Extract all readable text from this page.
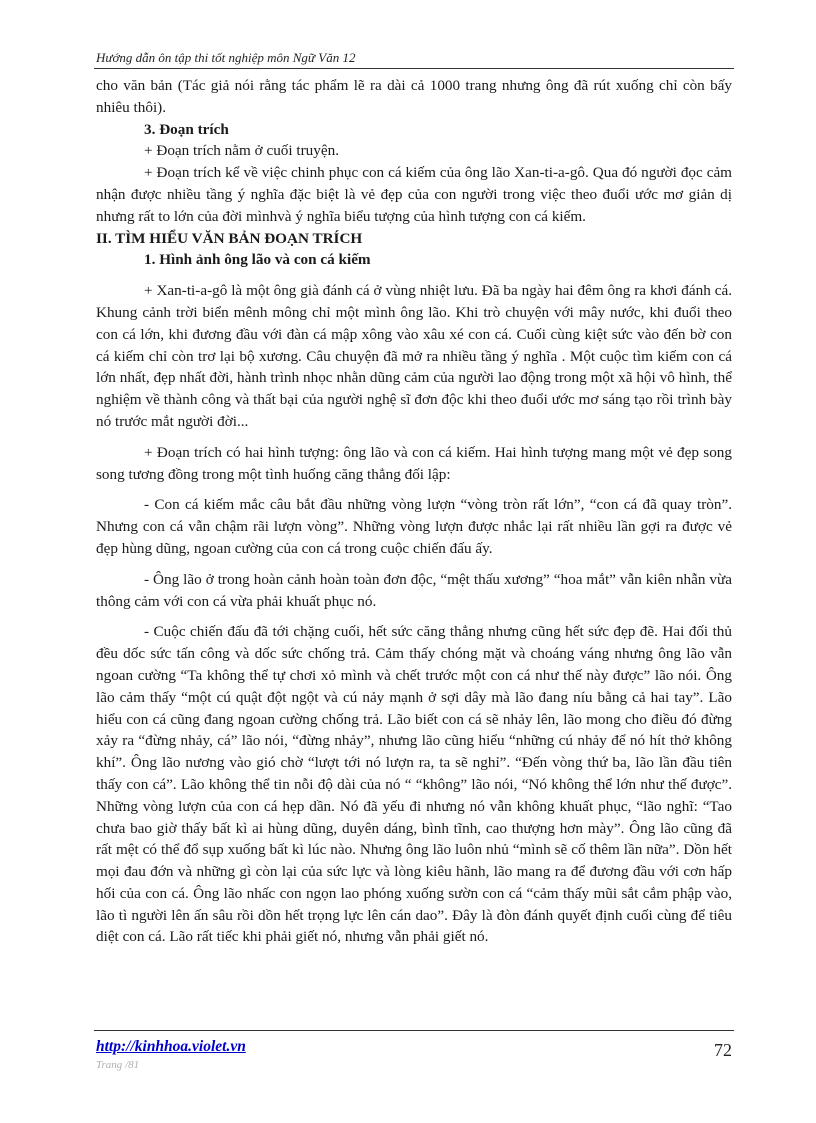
Hướng dẫn ôn tập thi tốt nghiệp môn Ngữ Văn 12

cho văn bản (Tác giả nói rằng tác phẩm lẽ ra dài cả 1000 trang nhưng ông đã rút xuống chỉ còn bấy nhiêu thôi).

3. Đoạn trích

+ Đoạn trích nằm ở cuối truyện.

+ Đoạn trích kể về việc chinh phục con cá kiếm của ông lão Xan-ti-a-gô. Qua đó người đọc cảm nhận được nhiều tầng ý nghĩa đặc biệt là vẻ đẹp của con người trong việc theo đuổi ước mơ giản dị nhưng rất to lớn của đời mìnhvà ý nghĩa biểu tượng của hình tượng con cá kiếm.

II. TÌM HIỂU VĂN BẢN ĐOẠN TRÍCH

1. Hình ảnh ông lão và con cá kiếm

+ Xan-ti-a-gô là một ông già đánh cá ở vùng nhiệt lưu. Đã ba ngày hai đêm ông ra khơi đánh cá. Khung cảnh trời biển mênh mông chỉ một mình ông lão. Khi trò chuyện với mây nước, khi đuổi theo con cá lớn, khi đương đầu với đàn cá mập xông vào xâu xé con cá. Cuối cùng kiệt sức vào đến bờ con cá kiếm chỉ còn trơ lại bộ xương. Câu chuyện đã mở ra nhiều tầng ý nghĩa . Một cuộc tìm kiếm con cá lớn nhất, đẹp nhất đời, hành trình nhọc nhằn dũng cảm của người lao động trong một xã hội vô hình, thể nghiệm về thành công và thất bại của người nghệ sĩ đơn độc khi theo đuổi ước mơ sáng tạo rồi trình bày nó trước mắt người đời...

+ Đoạn trích có hai hình tượng: ông lão và con cá kiếm. Hai hình tượng mang một vẻ đẹp song song tương đồng trong một tình huống căng thẳng đối lập:

- Con cá kiếm mắc câu bắt đầu những vòng lượn “vòng tròn rất lớn”, “con cá đã quay tròn”. Nhưng con cá vẫn chậm rãi lượn vòng”. Những vòng lượn được nhắc lại rất nhiều lần gợi ra được vẻ đẹp hùng dũng, ngoan cường của con cá trong cuộc chiến đấu ấy.

- Ông lão ở trong hoàn cảnh hoàn toàn đơn độc, “mệt thấu xương” “hoa mắt” vẫn kiên nhẫn vừa thông cảm với con cá vừa phải khuất phục nó.

- Cuộc chiến đấu đã tới chặng cuối, hết sức căng thẳng nhưng cũng hết sức đẹp đẽ. Hai đối thủ đều dốc sức tấn công và dốc sức chống trả. Cảm thấy chóng mặt và choáng váng nhưng ông lão vẫn ngoan cường “Ta không thể tự chơi xỏ mình và chết trước một con cá như thế này được” lão nói. Ông lão cảm thấy “một cú quật đột ngột và cú nảy mạnh ở sợi dây mà lão đang níu bằng cả hai tay”. Lão hiểu con cá cũng đang ngoan cường chống trả. Lão biết con cá sẽ nhảy lên, lão mong cho điều đó đừng xảy ra “đừng nhảy, cá” lão nói, “đừng nhảy”, nhưng lão cũng hiểu “những cú nhảy để nó hít thở không khí”. Ông lão nương vào gió chờ “lượt tới nó lượn ra, ta sẽ nghỉ”. “Đến vòng thứ ba, lão lần đầu tiên thấy con cá”. Lão không thể tin nỗi độ dài của nó “ “không” lão nói, “Nó không thể lớn như thế được”. Những vòng lượn của con cá hẹp dần. Nó đã yếu đi nhưng nó vẫn không khuất phục, “lão nghĩ: “Tao chưa bao giờ thấy bất kì ai hùng dũng, duyên dáng, bình tĩnh, cao thượng hơn mày”. Ông lão cũng đã rất mệt có thể đổ sụp xuống bất kì lúc nào. Nhưng ông lão luôn nhủ “mình sẽ cố thêm lần nữa”. Dồn hết mọi đau đớn và những gì còn lại của sức lực và lòng kiêu hãnh, lão mang ra để đương đầu với cơn hấp hối của con cá. Ông lão nhấc con ngọn lao phóng xuống sườn con cá “cảm thấy mũi sắt cắm phập vào, lão tì người lên ấn sâu rồi dồn hết trọng lực lên cán dao”. Đây là đòn đánh quyết định cuối cùng để tiêu diệt con cá. Lão rất tiếc khi phải giết nó, nhưng vẫn phải giết nó.

http://kinhhoa.violet.vn
Trang /81
72
